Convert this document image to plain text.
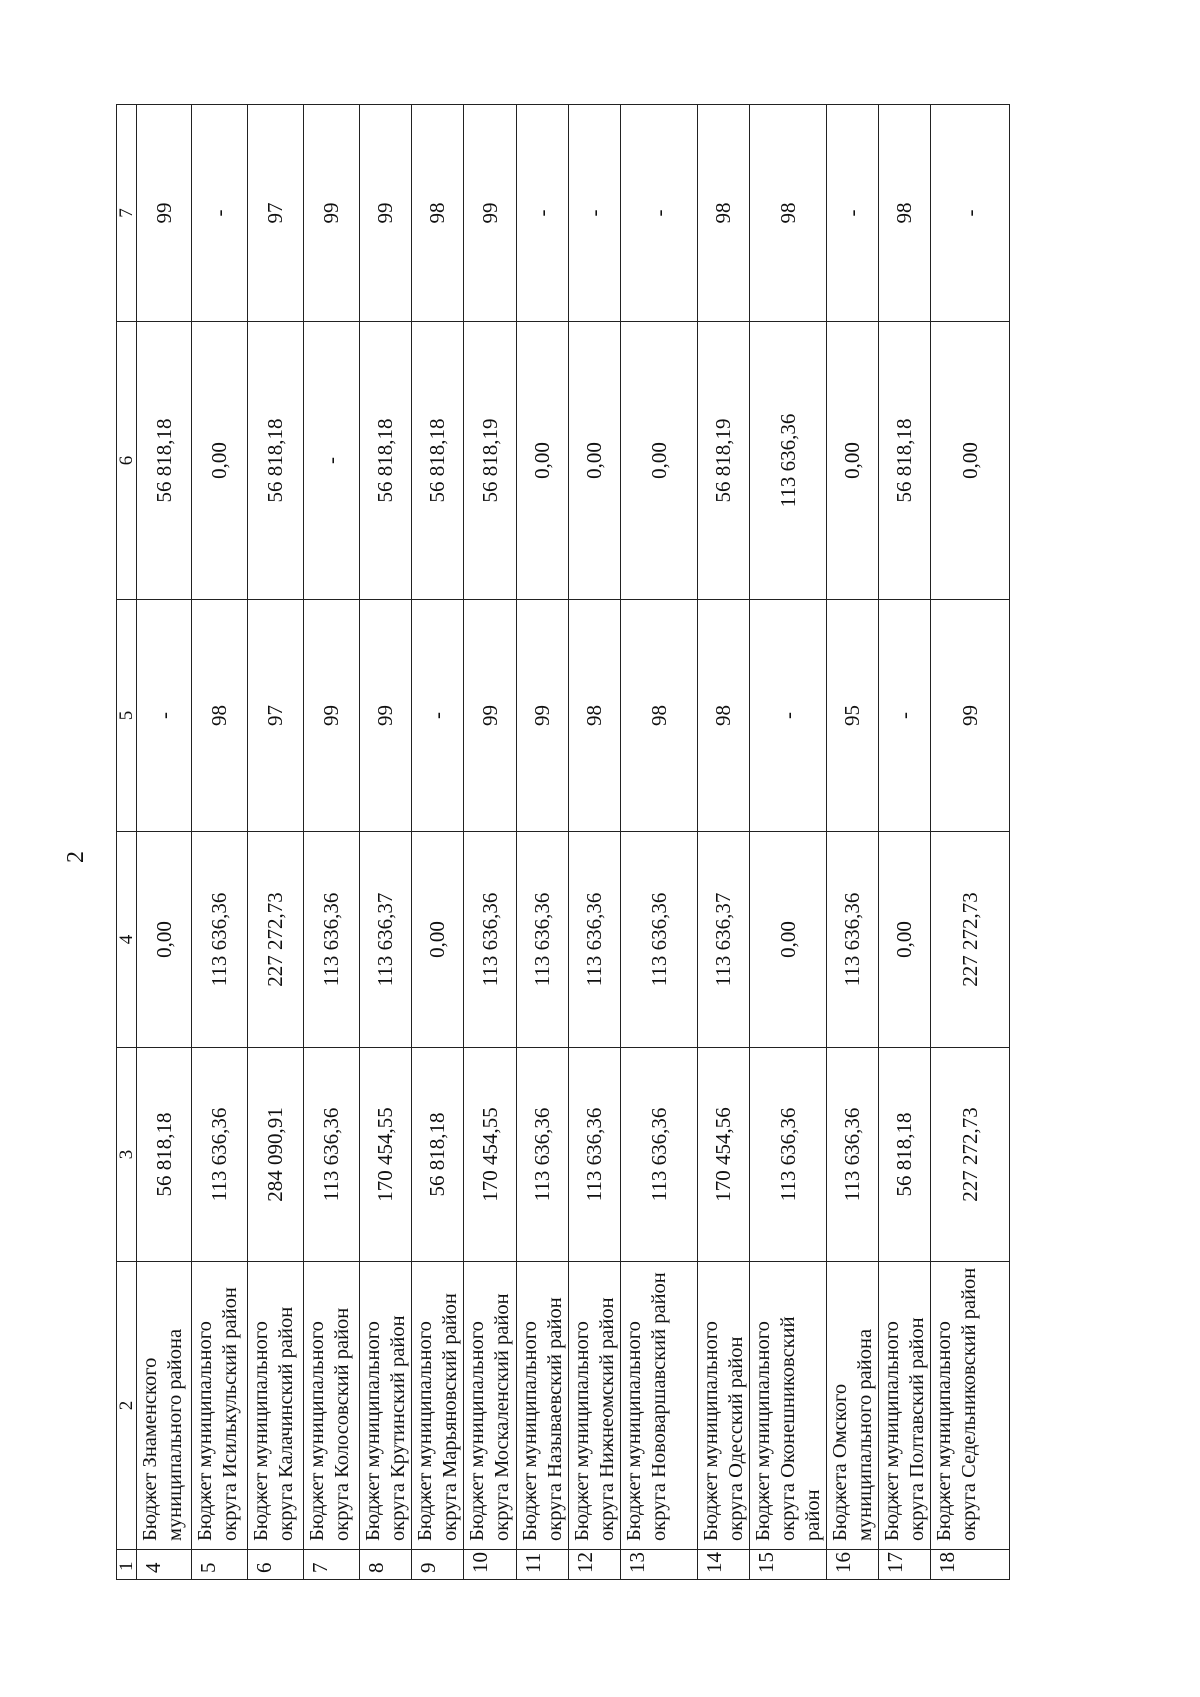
2
1	2	3	4	5	6	7
4	Бюджет Знаменского муниципального района	56 818,18	0,00	-	56 818,18	99
5	Бюджет муниципального округа Исилькульский район	113 636,36	113 636,36	98	0,00	-
6	Бюджет муниципального округа Калачинский район	284 090,91	227 272,73	97	56 818,18	97
7	Бюджет муниципального округа Колосовский район	113 636,36	113 636,36	99	-	99
8	Бюджет муниципального округа Крутинский район	170 454,55	113 636,37	99	56 818,18	99
9	Бюджет муниципального округа Марьяновский район	56 818,18	0,00	-	56 818,18	98
10	Бюджет муниципального округа Москаленский район	170 454,55	113 636,36	99	56 818,19	99
11	Бюджет муниципального округа Называевский район	113 636,36	113 636,36	99	0,00	-
12	Бюджет муниципального округа Нижнеомский район	113 636,36	113 636,36	98	0,00	-
13	Бюджет муниципального округа Нововаршавский район	113 636,36	113 636,36	98	0,00	-
14	Бюджет муниципального округа Одесский район	170 454,56	113 636,37	98	56 818,19	98
15	Бюджет муниципального округа Оконешниковский район	113 636,36	0,00	-	113 636,36	98
16	Бюджета Омского муниципального района	113 636,36	113 636,36	95	0,00	-
17	Бюджет муниципального округа Полтавский район	56 818,18	0,00	-	56 818,18	98
18	Бюджет муниципального округа Седельниковский район	227 272,73	227 272,73	99	0,00	-
